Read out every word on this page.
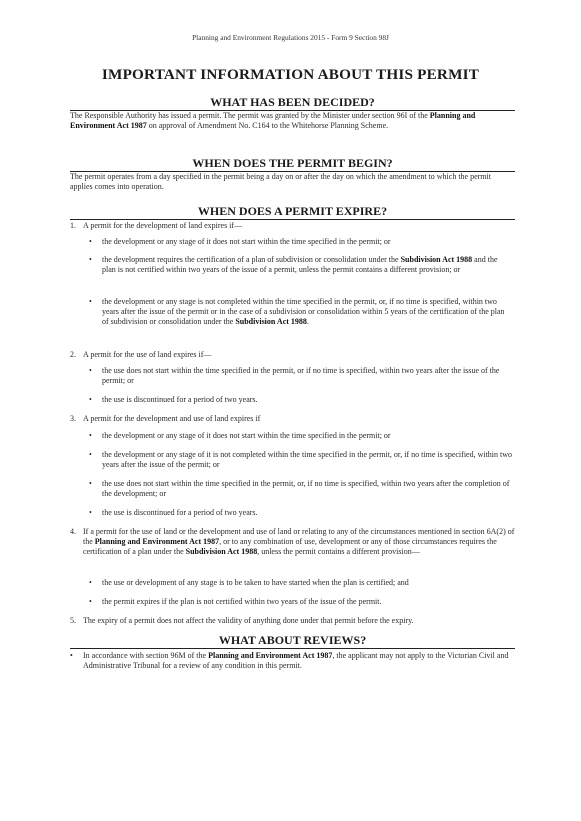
Planning and Environment Regulations 2015 - Form 9 Section 98J
IMPORTANT INFORMATION ABOUT THIS PERMIT
WHAT HAS BEEN DECIDED?

The Responsible Authority has issued a permit. The permit was granted by the Minister under section 96I of the Planning and Environment Act 1987 on approval of Amendment No. C164 to the Whitehorse Planning Scheme.

WHEN DOES THE PERMIT BEGIN?

The permit operates from a day specified in the permit being a day on or after the day on which the amendment to which the permit applies comes into operation.

WHEN DOES A PERMIT EXPIRE?
1. A permit for the development of land expires if—
•	the development or any stage of it does not start within the time specified in the permit; or
•	the development requires the certification of a plan of subdivision or consolidation under the Subdivision Act 1988 and the plan is not certified within two years of the issue of a permit, unless the permit contains a different provision; or
•	the development or any stage is not completed within the time specified in the permit, or, if no time is specified, within two years after the issue of the permit or in the case of a subdivision or consolidation within 5 years of the certification of the plan of subdivision or consolidation under the Subdivision Act 1988.
2. A permit for the use of land expires if—
•	the use does not start within the time specified in the permit, or if no time is specified, within two years after the issue of the permit; or
•	the use is discontinued for a period of two years.
3. A permit for the development and use of land expires if
•	the development or any stage of it does not start within the time specified in the permit; or
•	the development or any stage of it is not completed within the time specified in the permit, or, if no time is specified, within two years after the issue of the permit; or
•	the use does not start within the time specified in the permit, or, if no time is specified, within two years after the completion of the development; or
•	the use is discontinued for a period of two years.
4. If a permit for the use of land or the development and use of land or relating to any of the circumstances mentioned in section 6A(2) of the Planning and Environment Act 1987, or to any combination of use, development or any of those circumstances requires the certification of a plan under the Subdivision Act 1988, unless the permit contains a different provision—
•	the use or development of any stage is to be taken to have started when the plan is certified; and
•	the permit expires if the plan is not certified within two years of the issue of the permit.
5. The expiry of a permit does not affect the validity of anything done under that permit before the expiry.
WHAT ABOUT REVIEWS?
•	In accordance with section 96M of the Planning and Environment Act 1987, the applicant may not apply to the Victorian Civil and Administrative Tribunal for a review of any condition in this permit.
